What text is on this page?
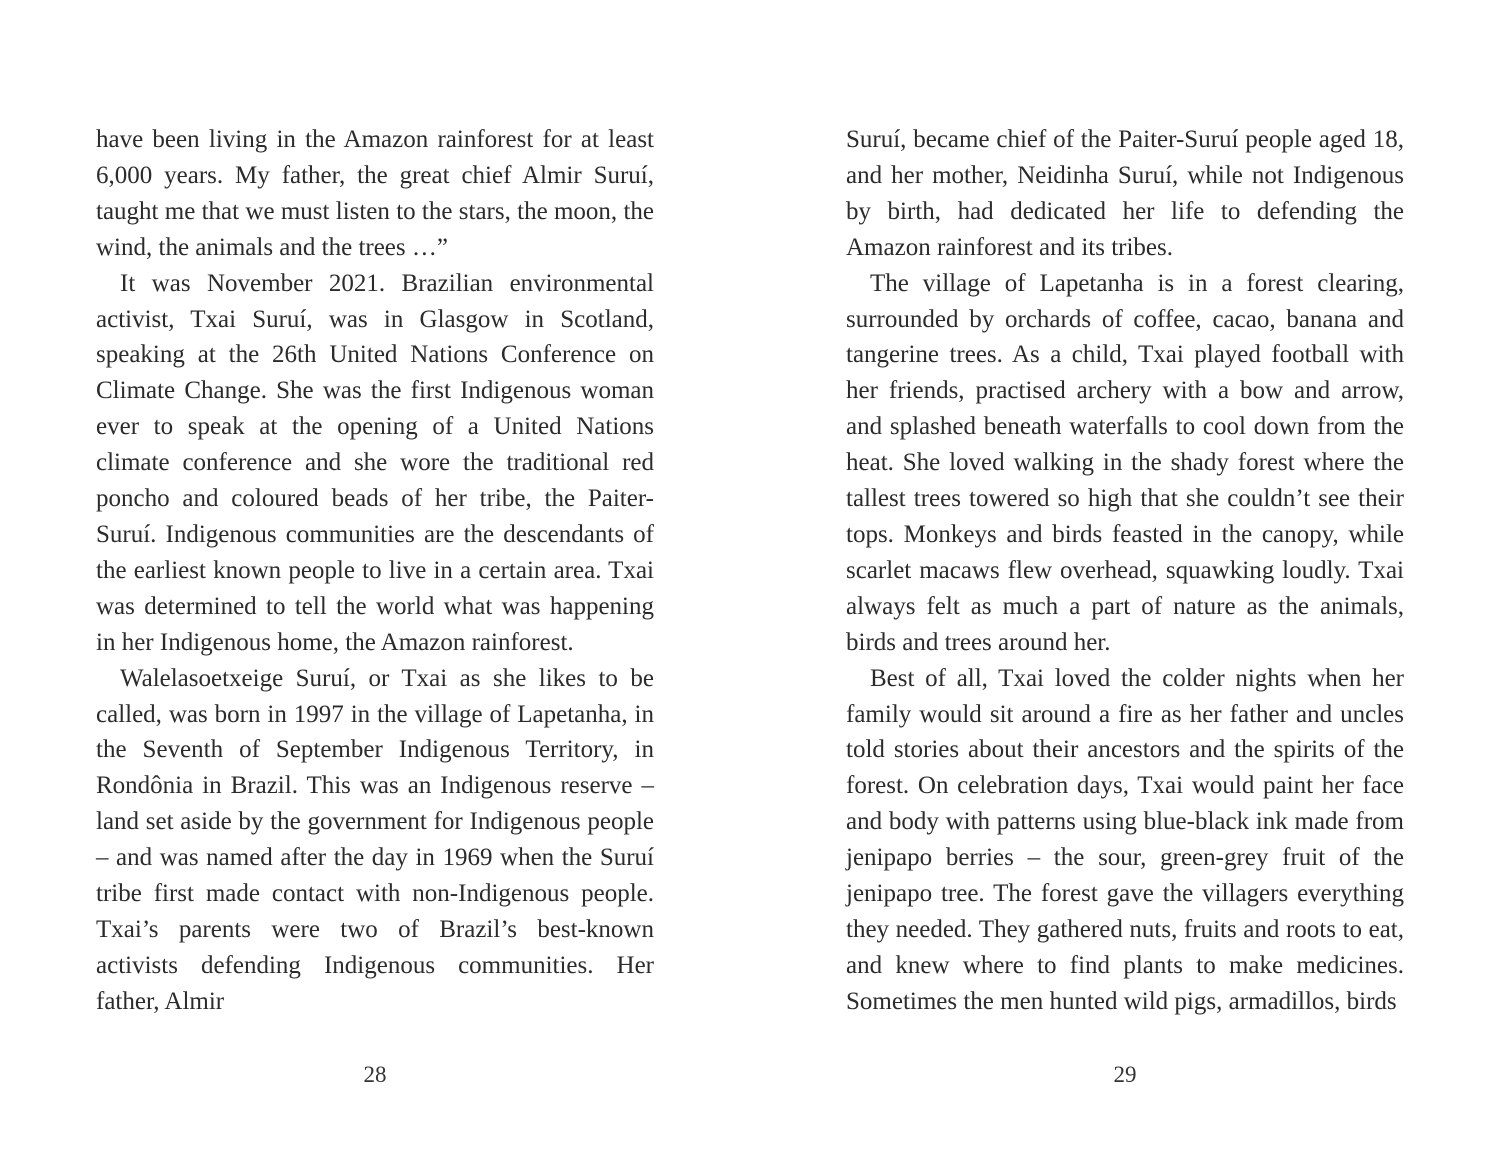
have been living in the Amazon rainforest for at least 6,000 years. My father, the great chief Almir Suruí, taught me that we must listen to the stars, the moon, the wind, the animals and the trees …”

It was November 2021. Brazilian environmental activist, Txai Suruí, was in Glasgow in Scotland, speaking at the 26th United Nations Conference on Climate Change. She was the first Indigenous woman ever to speak at the opening of a United Nations climate conference and she wore the traditional red poncho and coloured beads of her tribe, the Paiter-Suruí. Indigenous communities are the descendants of the earliest known people to live in a certain area. Txai was determined to tell the world what was happening in her Indigenous home, the Amazon rainforest.

Walelasoetxeige Suruí, or Txai as she likes to be called, was born in 1997 in the village of Lapetanha, in the Seventh of September Indigenous Territory, in Rondônia in Brazil. This was an Indigenous reserve – land set aside by the government for Indigenous people – and was named after the day in 1969 when the Suruí tribe first made contact with non-Indigenous people. Txai’s parents were two of Brazil’s best-known activists defending Indigenous communities. Her father, Almir

28

Suruí, became chief of the Paiter-Suruí people aged 18, and her mother, Neidinha Suruí, while not Indigenous by birth, had dedicated her life to defending the Amazon rainforest and its tribes.

The village of Lapetanha is in a forest clearing, surrounded by orchards of coffee, cacao, banana and tangerine trees. As a child, Txai played football with her friends, practised archery with a bow and arrow, and splashed beneath waterfalls to cool down from the heat. She loved walking in the shady forest where the tallest trees towered so high that she couldn’t see their tops. Monkeys and birds feasted in the canopy, while scarlet macaws flew overhead, squawking loudly. Txai always felt as much a part of nature as the animals, birds and trees around her.

Best of all, Txai loved the colder nights when her family would sit around a fire as her father and uncles told stories about their ancestors and the spirits of the forest. On celebration days, Txai would paint her face and body with patterns using blue-black ink made from jenipapo berries – the sour, green-grey fruit of the jenipapo tree. The forest gave the villagers everything they needed. They gathered nuts, fruits and roots to eat, and knew where to find plants to make medicines. Sometimes the men hunted wild pigs, armadillos, birds

29
